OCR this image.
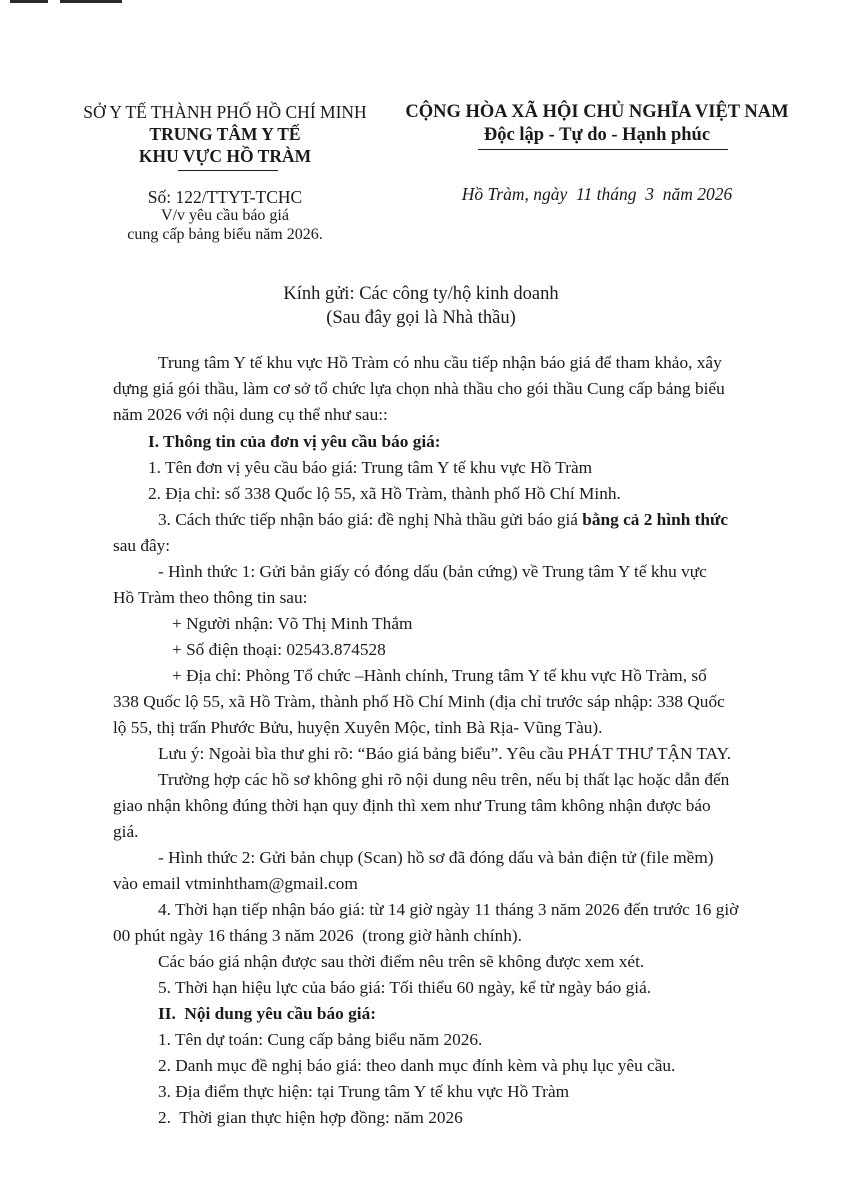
SỞ Y TẾ THÀNH PHỐ HỒ CHÍ MINH
TRUNG TÂM Y TẾ
KHU VỰC HỒ TRÀM
CỘNG HÒA XÃ HỘI CHỦ NGHĨA VIỆT NAM
Độc lập - Tự do - Hạnh phúc
Số: 122/TTYT-TCHC
V/v yêu cầu báo giá
cung cấp bảng biểu năm 2026.
Hồ Tràm, ngày  11 tháng  3  năm 2026
Kính gửi: Các công ty/hộ kinh doanh
(Sau đây gọi là Nhà thầu)
Trung tâm Y tế khu vực Hồ Tràm có nhu cầu tiếp nhận báo giá để tham khảo, xây
dựng giá gói thầu, làm cơ sở tổ chức lựa chọn nhà thầu cho gói thầu Cung cấp bảng biểu
năm 2026 với nội dung cụ thể như sau::
I. Thông tin của đơn vị yêu cầu báo giá:
1. Tên đơn vị yêu cầu báo giá: Trung tâm Y tế khu vực Hồ Tràm
2. Địa chỉ: số 338 Quốc lộ 55, xã Hồ Tràm, thành phố Hồ Chí Minh.
3. Cách thức tiếp nhận báo giá: đề nghị Nhà thầu gửi báo giá bằng cả 2 hình thức
sau đây:
- Hình thức 1: Gửi bản giấy có đóng dấu (bản cứng) về Trung tâm Y tế khu vực
Hồ Tràm theo thông tin sau:
+ Người nhận: Võ Thị Minh Thắm
+ Số điện thoại: 02543.874528
+ Địa chỉ: Phòng Tổ chức –Hành chính, Trung tâm Y tế khu vực Hồ Tràm, số
338 Quốc lộ 55, xã Hồ Tràm, thành phố Hồ Chí Minh (địa chỉ trước sáp nhập: 338 Quốc
lộ 55, thị trấn Phước Bửu, huyện Xuyên Mộc, tỉnh Bà Rịa- Vũng Tàu).
Lưu ý: Ngoài bìa thư ghi rõ: “Báo giá bảng biểu”. Yêu cầu PHÁT THƯ TẬN TAY.
Trường hợp các hồ sơ không ghi rõ nội dung nêu trên, nếu bị thất lạc hoặc dẫn đến
giao nhận không đúng thời hạn quy định thì xem như Trung tâm không nhận được báo
giá.
- Hình thức 2: Gửi bản chụp (Scan) hồ sơ đã đóng dấu và bản điện tử (file mềm)
vào email vtminhtham@gmail.com
4. Thời hạn tiếp nhận báo giá: từ 14 giờ ngày 11 tháng 3 năm 2026 đến trước 16 giờ
00 phút ngày 16 tháng 3 năm 2026  (trong giờ hành chính).
Các báo giá nhận được sau thời điểm nêu trên sẽ không được xem xét.
5. Thời hạn hiệu lực của báo giá: Tối thiểu 60 ngày, kể từ ngày báo giá.
II.  Nội dung yêu cầu báo giá:
1. Tên dự toán: Cung cấp bảng biểu năm 2026.
2. Danh mục đề nghị báo giá: theo danh mục đính kèm và phụ lục yêu cầu.
3. Địa điểm thực hiện: tại Trung tâm Y tế khu vực Hồ Tràm
2.  Thời gian thực hiện hợp đồng: năm 2026
